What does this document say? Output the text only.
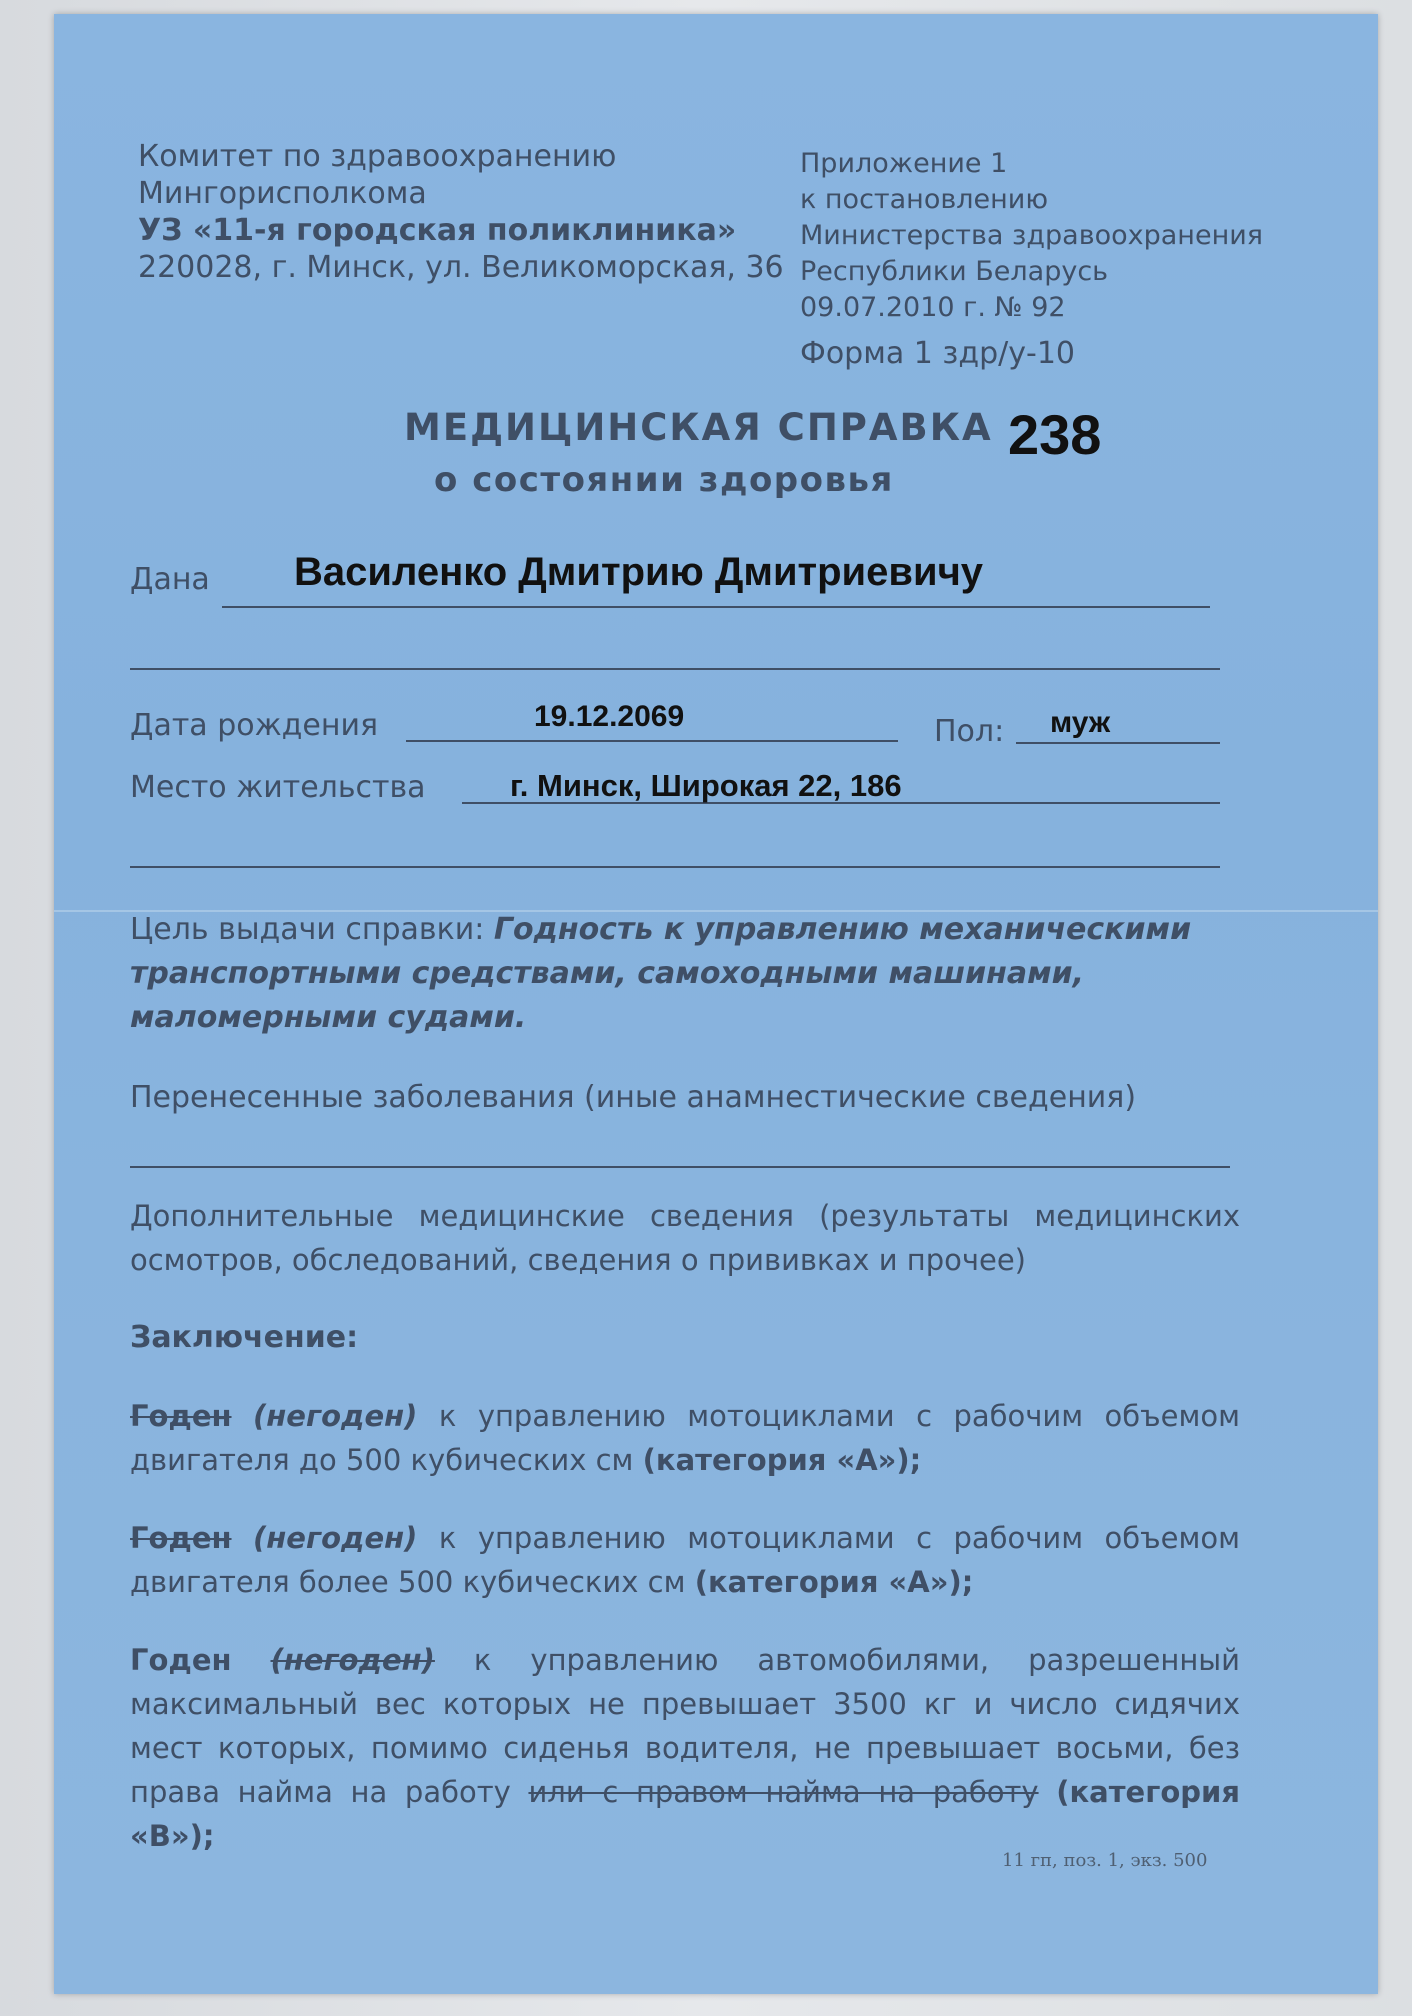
Комитет по здравоохранению
Мингорисполкома
УЗ «11-я городская поликлиника»
220028, г. Минск, ул. Великоморская, 36
Приложение 1
к постановлению
Министерства здравоохранения
Республики Беларусь
09.07.2010 г. № 92
Форма 1 здр/у-10
МЕДИЦИНСКАЯ СПРАВКА 238
о состоянии здоровья
Дана Василенко Дмитрию Дмитриевичу
Дата рождения	19.12.2069	Пол: муж
Место жительства	г. Минск, Широкая 22, 186
Цель выдачи справки: Годность к управлению механическими транспортными средствами, самоходными машинами, маломерными судами.
Перенесенные заболевания (иные анамнестические сведения)
Дополнительные медицинские сведения (результаты медицинских осмотров, обследований, сведения о прививках и прочее)
Заключение:
Годен (негоден) к управлению мотоциклами с рабочим объемом двигателя до 500 кубических см (категория «А»);
Годен (негоден) к управлению мотоциклами с рабочим объемом двигателя более 500 кубических см (категория «А»);
Годен (негоден) к управлению автомобилями, разрешенный максимальный вес которых не превышает 3500 кг и число сидячих мест которых, помимо сиденья водителя, не превышает восьми, без права найма на работу или с правом найма на работу (категория «В»);
11 гп, поз. 1, экз. 500
